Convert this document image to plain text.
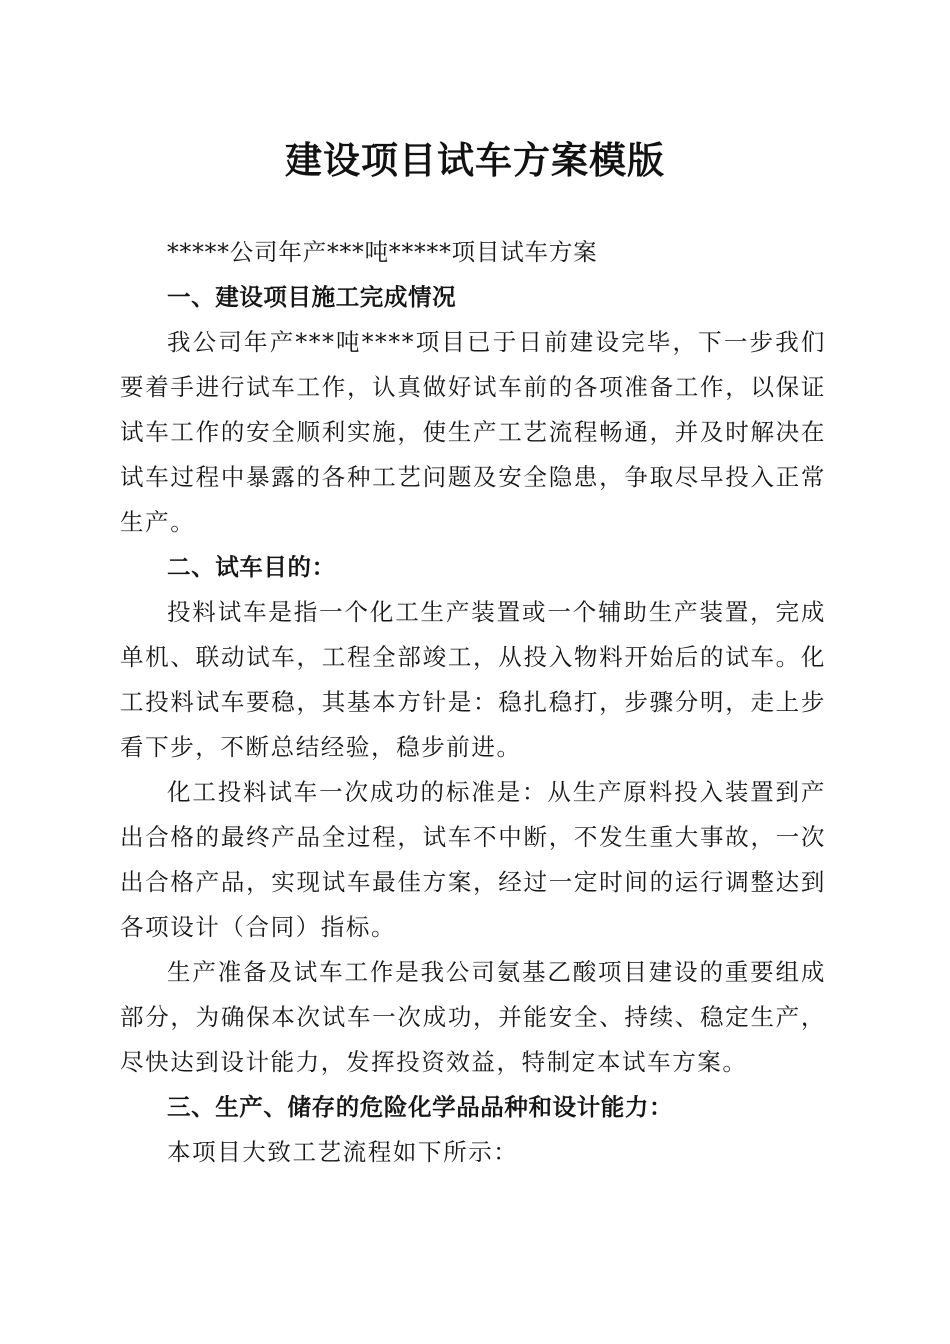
建设项目试车方案模版

*****公司年产***吨*****项目试车方案

一、建设项目施工完成情况

我公司年产***吨****项目已于日前建设完毕，下一步我们要着手进行试车工作，认真做好试车前的各项准备工作，以保证试车工作的安全顺利实施，使生产工艺流程畅通，并及时解决在试车过程中暴露的各种工艺问题及安全隐患，争取尽早投入正常生产。

二、试车目的：

投料试车是指一个化工生产装置或一个辅助生产装置，完成单机、联动试车，工程全部竣工，从投入物料开始后的试车。化工投料试车要稳，其基本方针是：稳扎稳打，步骤分明，走上步看下步，不断总结经验，稳步前进。

化工投料试车一次成功的标准是：从生产原料投入装置到产出合格的最终产品全过程，试车不中断，不发生重大事故，一次出合格产品，实现试车最佳方案，经过一定时间的运行调整达到各项设计（合同）指标。

生产准备及试车工作是我公司氨基乙酸项目建设的重要组成部分，为确保本次试车一次成功，并能安全、持续、稳定生产，尽快达到设计能力，发挥投资效益，特制定本试车方案。

三、生产、储存的危险化学品品种和设计能力：

本项目大致工艺流程如下所示：
